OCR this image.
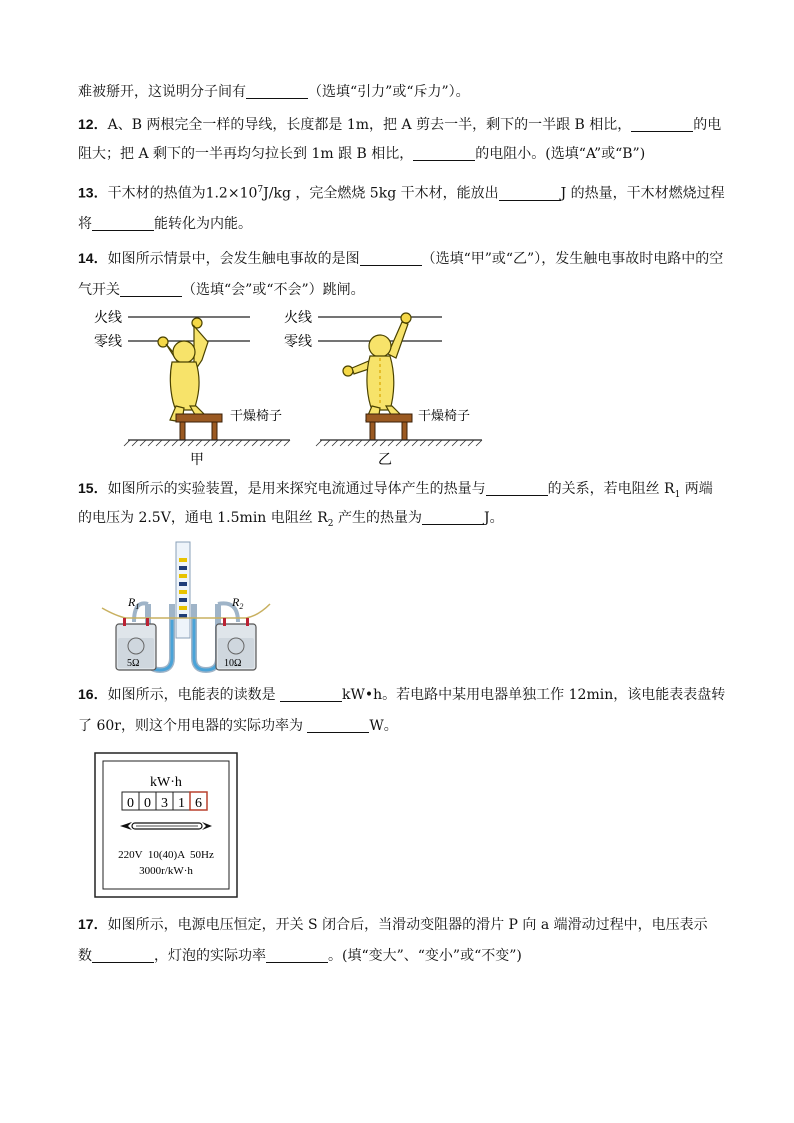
难被掰开，这说明分子间有	（选填“引力”或“斥力”）。
12．A、B 两根完全一样的导线，长度都是 1m，把 A 剪去一半，剩下的一半跟 B 相比，	的电
阻大；把 A 剩下的一半再均匀拉长到 1m 跟 B 相比，	的电阻小。(选填“A”或“B”)
13．干木材的热值为$1.2\times 10^7J/kg$ ，完全燃烧 5kg 干木材，能放出	J 的热量，干木材燃烧过程
将	能转化为内能。
14．如图所示情景中，会发生触电事故的是图	（选填“甲”或“乙”），发生触电事故时电路中的空
气开关	（选填“会”或“不会”）跳闸。
火线
零线
干燥椅子
甲
火线
零线
干燥椅子
乙
15．如图所示的实验装置，是用来探究电流通过导体产生的热量与	的关系，若电阻丝 $R_1$ 两端
的电压为 2.5V，通电 1.5min 电阻丝 $R_2$ 产生的热量为	J。
$R_1$	$R_2$
5Ω	10Ω
16．如图所示，电能表的读数是	kW•h。若电路中某用电器单独工作 12min，该电能表表盘转
了 60r，则这个用电器的实际功率为	W。
kW·h
0 0 3 1 6
220V  10(40)A  50Hz
3000r/kW·h
17．如图所示，电源电压恒定，开关 S 闭合后，当滑动变阻器的滑片 P 向 a 端滑动过程中，电压表示
数	，灯泡的实际功率	。(填“变大”、“变小”或“不变”)
